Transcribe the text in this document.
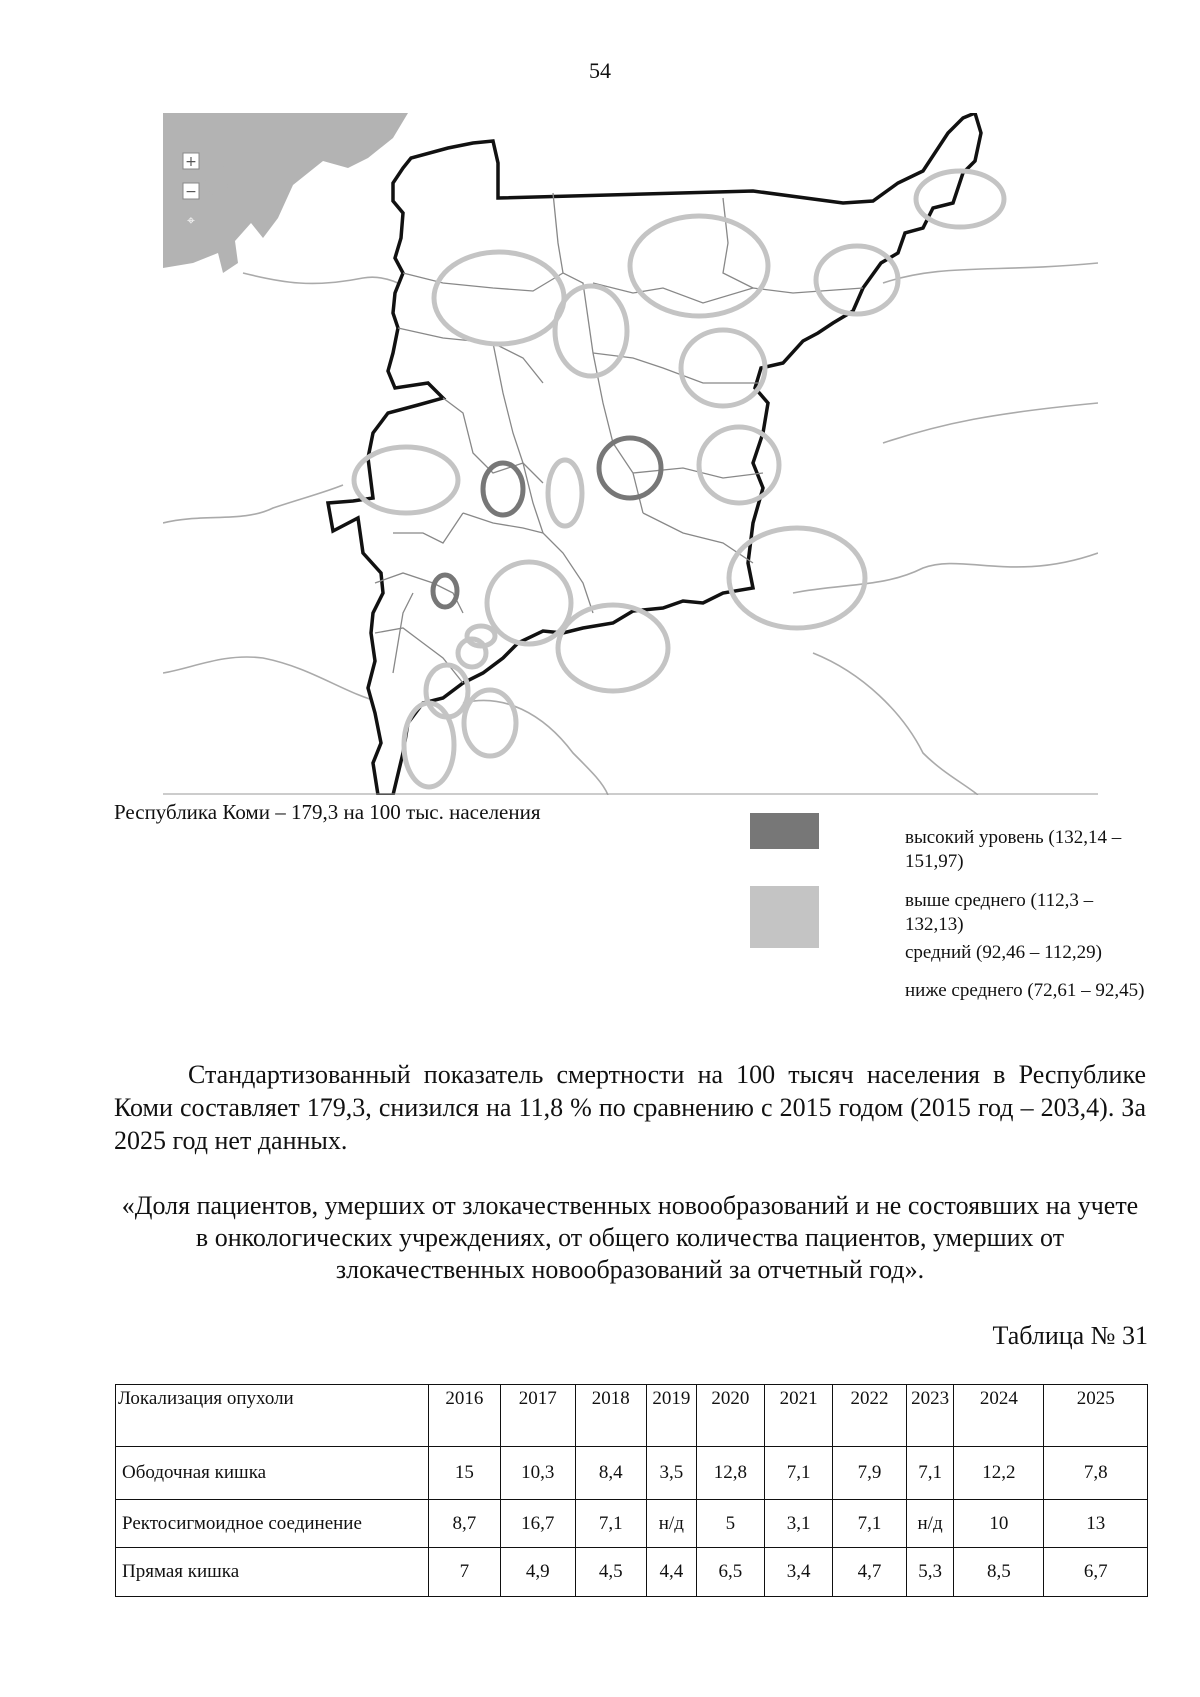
54
+
−
⌖
Республика Коми – 179,3 на 100 тыс. населения
высокий уровень (132,14 – 151,97)
выше среднего (112,3 – 132,13)
средний (92,46 – 112,29)
ниже среднего (72,61 – 92,45)
Стандартизованный показатель смертности на 100 тысяч населения в Республике Коми составляет 179,3, снизился на 11,8 % по сравнению с 2015 годом (2015 год – 203,4). За 2025 год нет данных.
«Доля пациентов, умерших от злокачественных новообразований и не состоявших на учете в онкологических учреждениях, от общего количества пациентов, умерших от злокачественных новообразований за отчетный год».
Таблица № 31
Локализация опухоли	2016	2017	2018	2019	2020	2021	2022	2023	2024	2025
Ободочная кишка	15	10,3	8,4	3,5	12,8	7,1	7,9	7,1	12,2	7,8
Ректосигмоидное соединение	8,7	16,7	7,1	н/д	5	3,1	7,1	н/д	10	13
Прямая кишка	7	4,9	4,5	4,4	6,5	3,4	4,7	5,3	8,5	6,7
